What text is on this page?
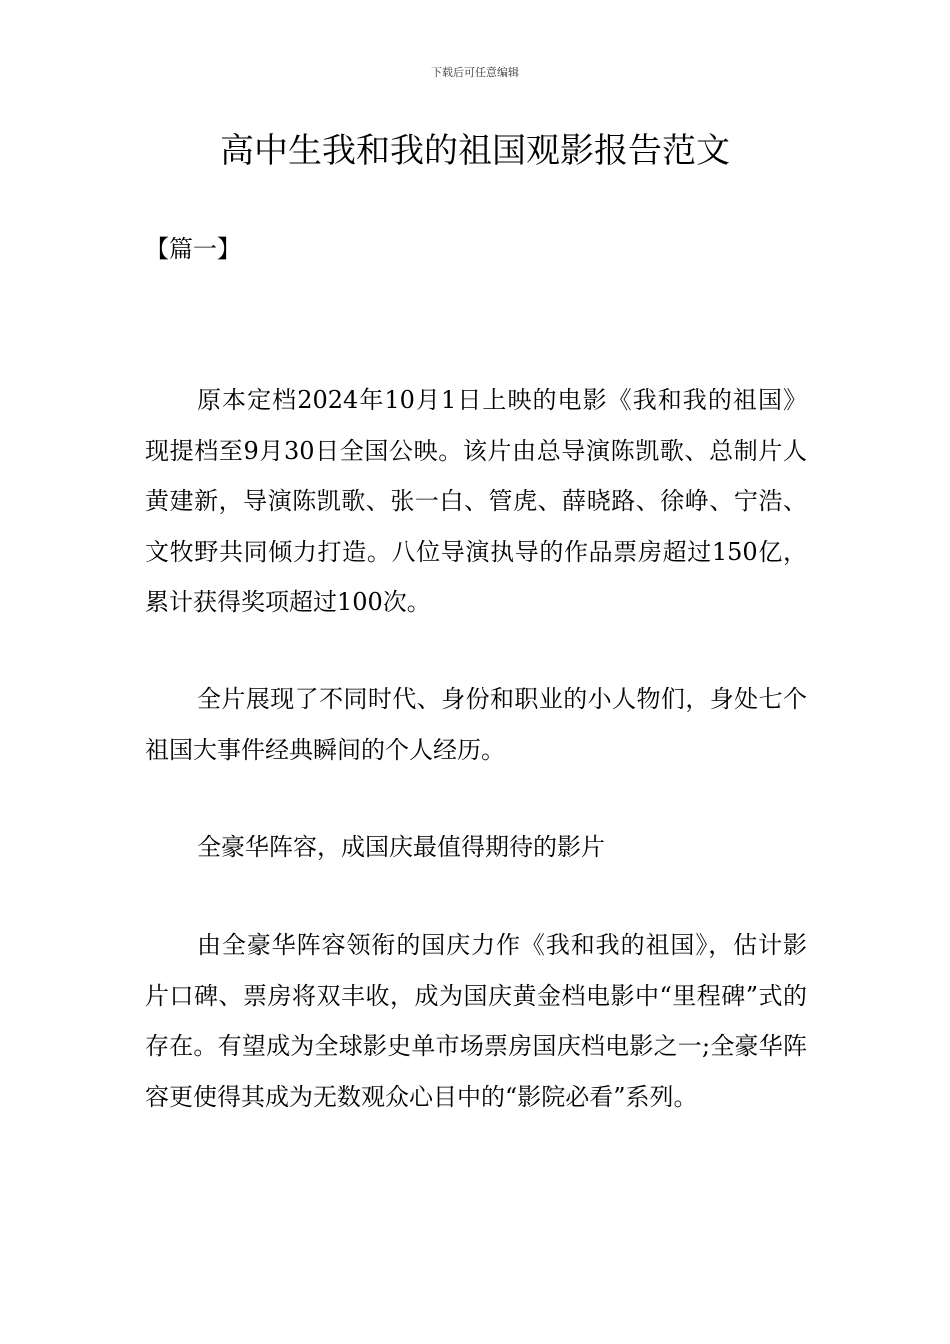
下载后可任意编辑
高中生我和我的祖国观影报告范文
【篇一】

原本定档2024年10月1日上映的电影《我和我的祖国》现提档至9月30日全国公映。该片由总导演陈凯歌、总制片人黄建新，导演陈凯歌、张一白、管虎、薛晓路、徐峥、宁浩、文牧野共同倾力打造。八位导演执导的作品票房超过150亿，累计获得奖项超过100次。

全片展现了不同时代、身份和职业的小人物们，身处七个祖国大事件经典瞬间的个人经历。

全豪华阵容，成国庆最值得期待的影片

由全豪华阵容领衔的国庆力作《我和我的祖国》，估计影片口碑、票房将双丰收，成为国庆黄金档电影中“里程碑”式的存在。有望成为全球影史单市场票房国庆档电影之一;全豪华阵容更使得其成为无数观众心目中的“影院必看”系列。
